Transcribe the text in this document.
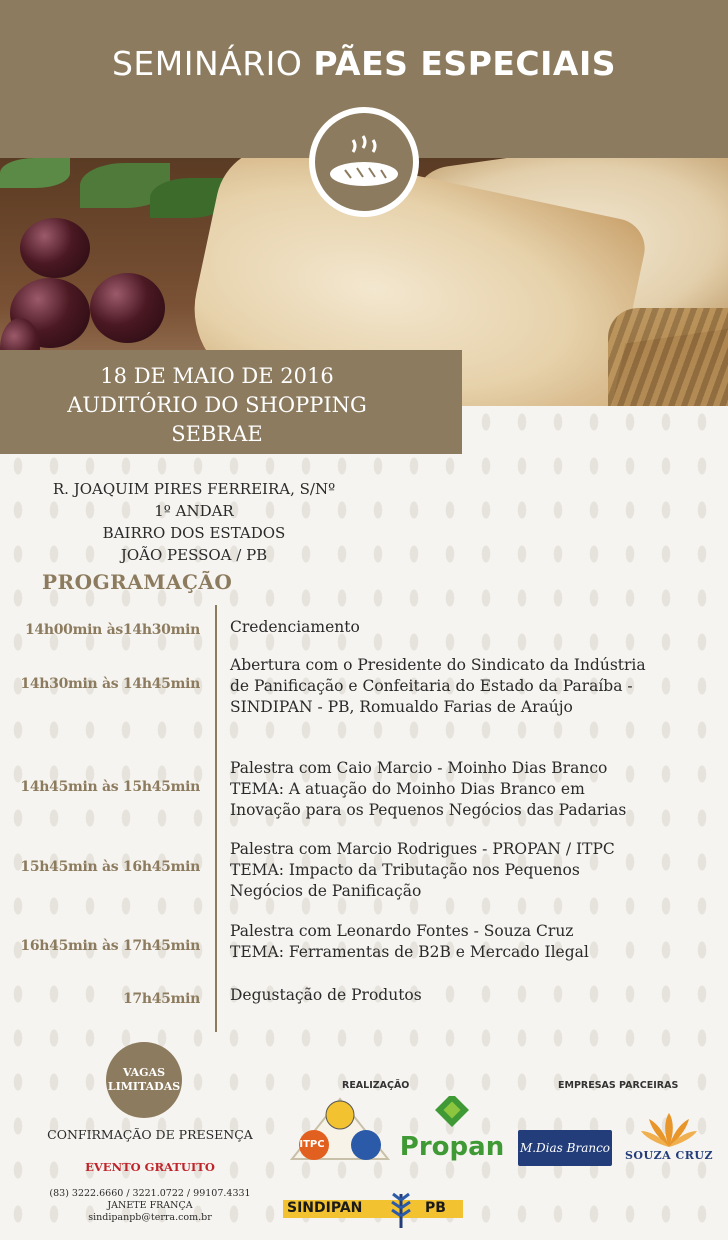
SEMINÁRIO PÃES ESPECIAIS
18 DE MAIO DE 2016
AUDITÓRIO DO SHOPPING
SEBRAE
R. JOAQUIM PIRES FERREIRA, S/Nº
1º ANDAR
BAIRRO DOS ESTADOS
JOÃO PESSOA / PB
PROGRAMAÇÃO
14h00min às14h30min Credenciamento
14h30min às 14h45min
Abertura com o Presidente do Sindicato da Indústria
de Panificação e Confeitaria do Estado da Paraíba -
SINDIPAN - PB, Romualdo Farias de Araújo
14h45min às 15h45min
Palestra com Caio Marcio - Moinho Dias Branco
TEMA: A atuação do Moinho Dias Branco em
Inovação para os Pequenos Negócios das Padarias
15h45min às 16h45min
Palestra com Marcio Rodrigues - PROPAN / ITPC
TEMA: Impacto da Tributação nos Pequenos
Negócios de Panificação
16h45min às 17h45min
Palestra com Leonardo Fontes - Souza Cruz
TEMA: Ferramentas de B2B e Mercado Ilegal
17h45min Degustação de Produtos
VAGAS
LIMITADAS
CONFIRMAÇÃO DE PRESENÇA
EVENTO GRATUITO
(83) 3222.6660 / 3221.0722 / 99107.4331
JANETE FRANÇA
sindipanpb@terra.com.br
REALIZAÇÃO	EMPRESAS PARCEIRAS
ITPC	Propan M.Dias Branco SOUZA CRUZ
SINDIPAN	PB
